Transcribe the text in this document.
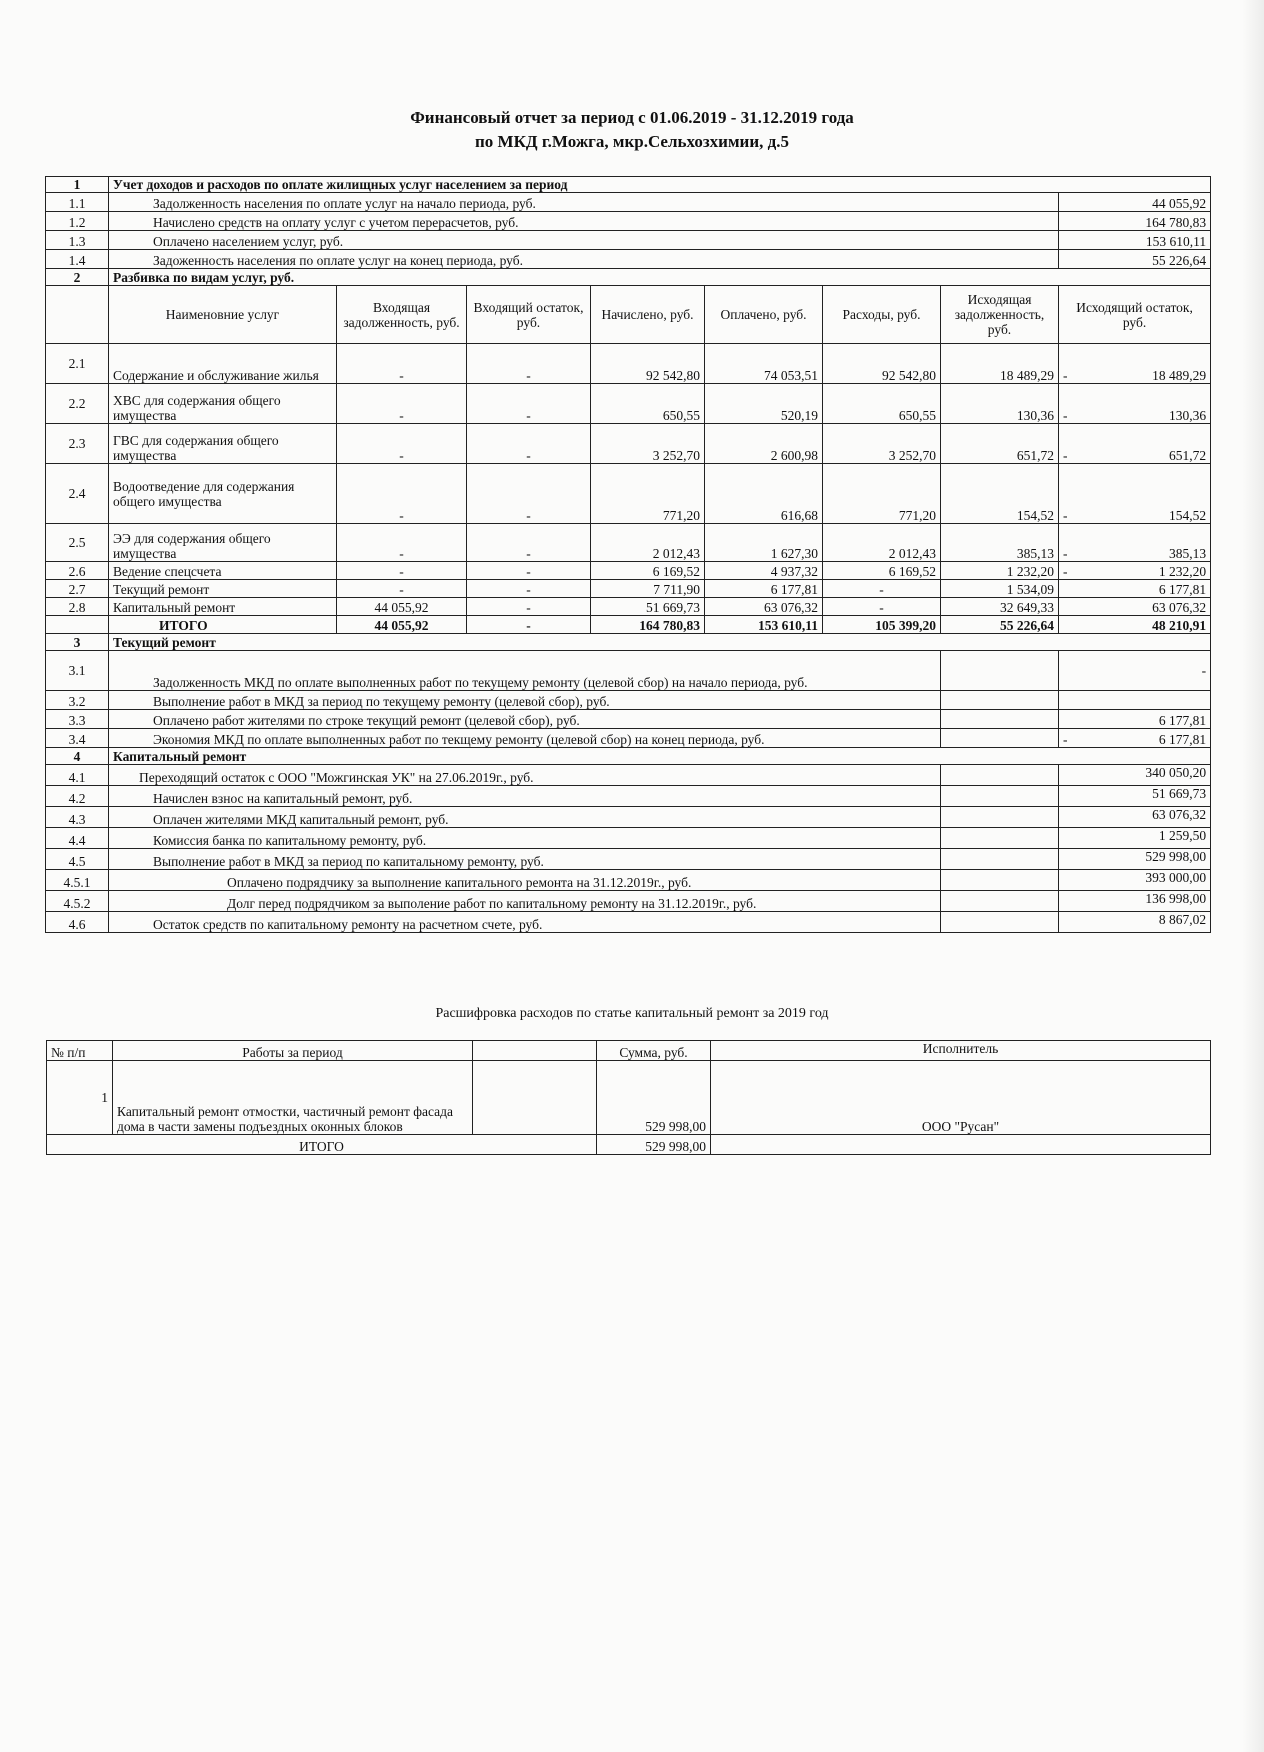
Финансовый отчет за период с 01.06.2019 - 31.12.2019 года
по МКД г.Можга, мкр.Сельхозхимии, д.5
1	Учет доходов и расходов по оплате жилищных услуг населением за период							
1.1	Задолженность населения по оплате услуг на начало периода, руб.							44 055,92
1.2	Начислено средств на оплату услуг с учетом перерасчетов, руб.							164 780,83
1.3	Оплачено населением услуг, руб.							153 610,11
1.4	Задоженность населения по оплате услуг на конец периода, руб.							55 226,64
2	Разбивка по видам услуг, руб.							
	Наименовние услуг	Входящая задолженность, руб.	Входящий остаток, руб.	Начислено, руб.	Оплачено, руб.	Расходы, руб.	Исходящая задолженность, руб.	Исходящий остаток, руб.
2.1	Содержание и обслуживание жилья	-	-	92 542,80	74 053,51	92 542,80	18 489,29	- 18 489,29
2.2	ХВС для содержания общего имущества	-	-	650,55	520,19	650,55	130,36	- 130,36
2.3	ГВС для содержания общего имущества	-	-	3 252,70	2 600,98	3 252,70	651,72	- 651,72
2.4	Водоотведение для содержания общего имущества	-	-	771,20	616,68	771,20	154,52	- 154,52
2.5	ЭЭ для содержания общего имущества	-	-	2 012,43	1 627,30	2 012,43	385,13	- 385,13
2.6	Ведение спецсчета	-	-	6 169,52	4 937,32	6 169,52	1 232,20	- 1 232,20
2.7	Текущий ремонт	-	-	7 711,90	6 177,81	-	1 534,09	6 177,81
2.8	Капитальный ремонт	44 055,92	-	51 669,73	63 076,32	-	32 649,33	63 076,32
	ИТОГО	44 055,92	-	164 780,83	153 610,11	105 399,20	55 226,64	48 210,91
3	Текущий ремонт							
3.1	Задолженность МКД по оплате выполненных работ по текущему ремонту (целевой сбор) на начало периода, руб.							-
3.2	Выполнение работ в МКД за период по текущему ремонту (целевой сбор), руб.							
3.3	Оплачено работ жителями по строке текущий ремонт (целевой сбор), руб.							6 177,81
3.4	Экономия МКД по оплате выполненных работ по текщему ремонту (целевой сбор) на конец периода, руб.							- 6 177,81
4	Капитальный ремонт							
4.1	Переходящий остаток с ООО "Можгинская УК" на 27.06.2019г., руб.							340 050,20
4.2	Начислен взнос на капитальный ремонт, руб.							51 669,73
4.3	Оплачен жителями МКД капитальный ремонт, руб.							63 076,32
4.4	Комиссия банка по капитальному ремонту, руб.							1 259,50
4.5	Выполнение работ в МКД за период по капитальному ремонту, руб.							529 998,00
4.5.1	Оплачено подрядчику за выполнение капитального ремонта на 31.12.2019г., руб.							393 000,00
4.5.2	Долг перед подрядчиком за выполение работ по капитальному ремонту на 31.12.2019г., руб.							136 998,00
4.6	Остаток средств по капитальному ремонту на расчетном счете, руб.							8 867,02
Расшифровка расходов по статье капитальный ремонт за 2019 год
№ п/п	Работы за период		Сумма, руб.	Исполнитель
1	Капитальный ремонт отмостки, частичный ремонт фасада дома в части замены подъездных оконных блоков		529 998,00	ООО "Русан"
ИТОГО			529 998,00	
